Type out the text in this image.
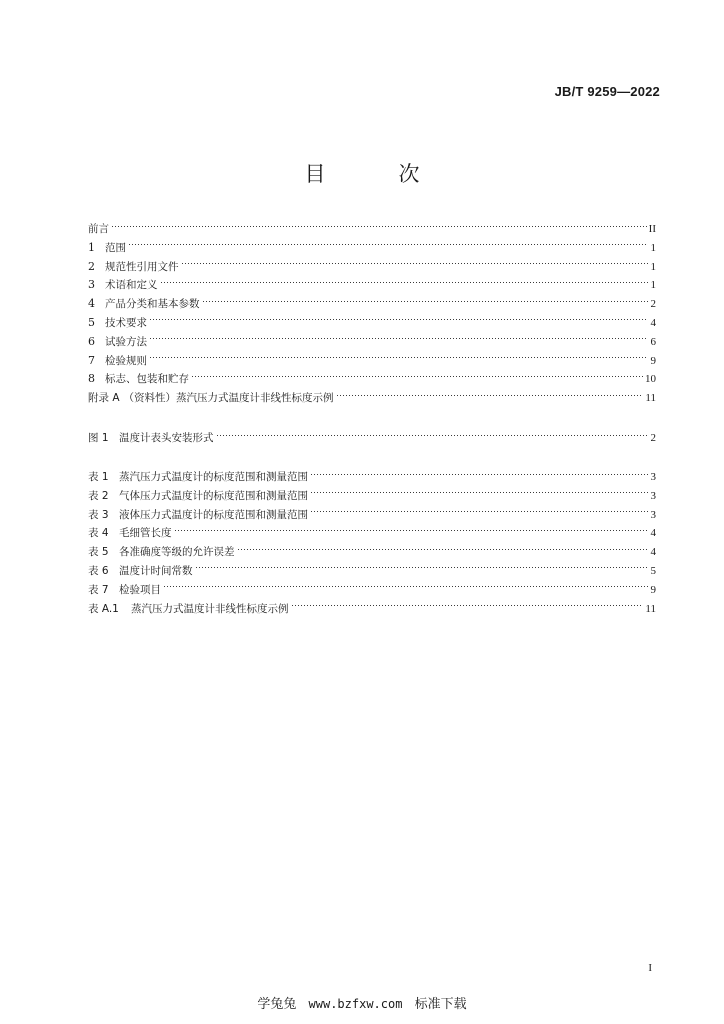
JB/T 9259—2022
目　次
前言	II
1 范围	1
2 规范性引用文件	1
3 术语和定义	1
4 产品分类和基本参数	2
5 技术要求	4
6 试验方法	6
7 检验规则	9
8 标志、包装和贮存	10
附录 A （资料性）蒸汽压力式温度计非线性标度示例	11
图 1 温度计表头安装形式	2
表 1 蒸汽压力式温度计的标度范围和测量范围	3
表 2 气体压力式温度计的标度范围和测量范围	3
表 3 液体压力式温度计的标度范围和测量范围	3
表 4 毛细管长度	4
表 5 各准确度等级的允许误差	4
表 6 温度计时间常数	5
表 7 检验项目	9
表 A.1	蒸汽压力式温度计非线性标度示例	11
I
学兔兔 www.bzfxw.com 标准下载
